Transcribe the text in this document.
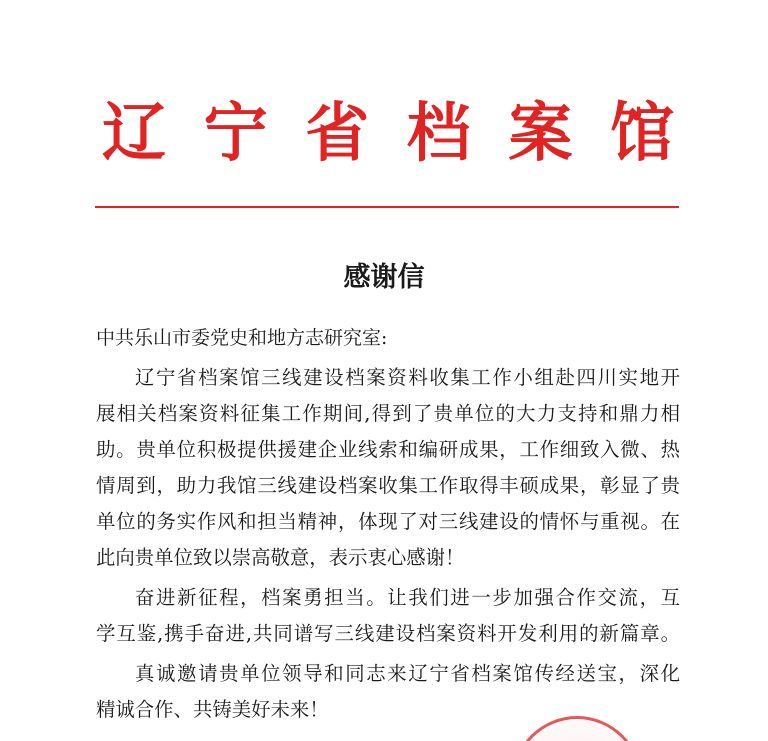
辽 宁 省 档 案 馆
感谢信
中共乐山市委党史和地方志研究室:
辽宁省档案馆三线建设档案资料收集工作小组赴四川实地开
展相关档案资料征集工作期间,得到了贵单位的大力支持和鼎力相
助。贵单位积极提供援建企业线索和编研成果，工作细致入微、热
情周到，助力我馆三线建设档案收集工作取得丰硕成果，彰显了贵
单位的务实作风和担当精神，体现了对三线建设的情怀与重视。在
此向贵单位致以崇高敬意，表示衷心感谢！
奋进新征程，档案勇担当。让我们进一步加强合作交流，互
学互鉴,携手奋进,共同谱写三线建设档案资料开发利用的新篇章。
真诚邀请贵单位领导和同志来辽宁省档案馆传经送宝，深化
精诚合作、共铸美好未来！
